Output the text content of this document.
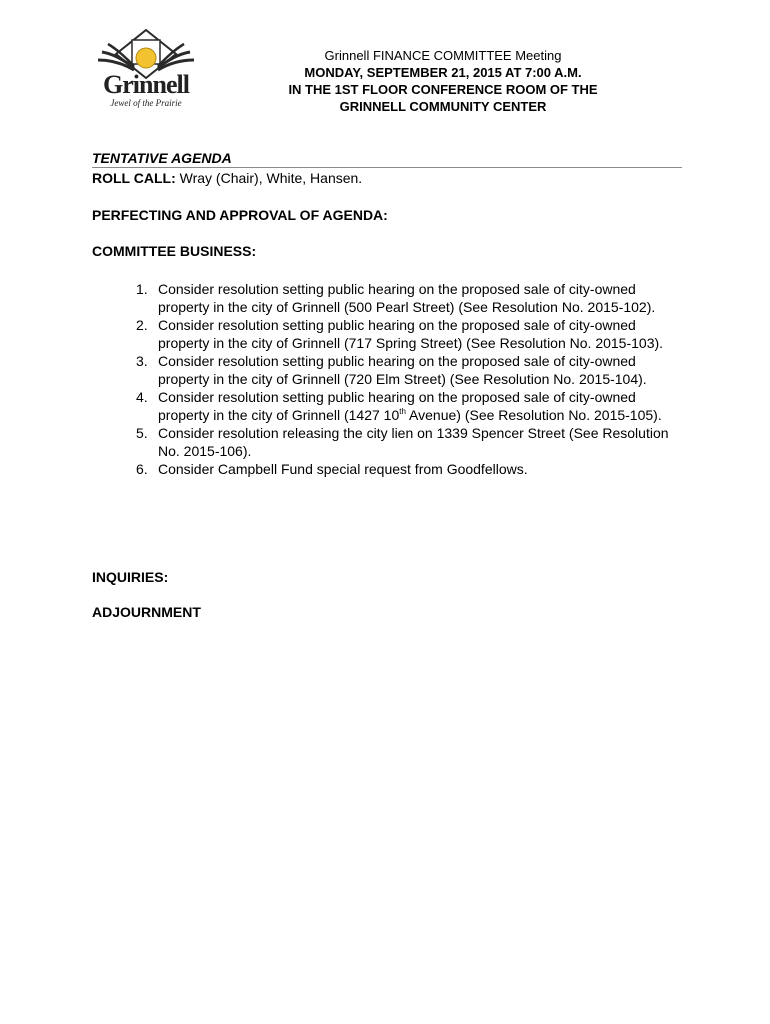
Grinnell
Jewel of the Prairie
Grinnell FINANCE COMMITTEE Meeting
MONDAY, SEPTEMBER 21, 2015 AT 7:00 A.M.
IN THE 1ST FLOOR CONFERENCE ROOM OF THE
GRINNELL COMMUNITY CENTER
TENTATIVE AGENDA
ROLL CALL: Wray (Chair), White, Hansen.
PERFECTING AND APPROVAL OF AGENDA:
COMMITTEE BUSINESS:
1. Consider resolution setting public hearing on the proposed sale of city-owned property in the city of Grinnell (500 Pearl Street) (See Resolution No. 2015-102).
2. Consider resolution setting public hearing on the proposed sale of city-owned property in the city of Grinnell (717 Spring Street) (See Resolution No. 2015-103).
3. Consider resolution setting public hearing on the proposed sale of city-owned property in the city of Grinnell (720 Elm Street) (See Resolution No. 2015-104).
4. Consider resolution setting public hearing on the proposed sale of city-owned property in the city of Grinnell (1427 10th Avenue) (See Resolution No. 2015-105).
5. Consider resolution releasing the city lien on 1339 Spencer Street (See Resolution No. 2015-106).
6. Consider Campbell Fund special request from Goodfellows.
INQUIRIES:
ADJOURNMENT
